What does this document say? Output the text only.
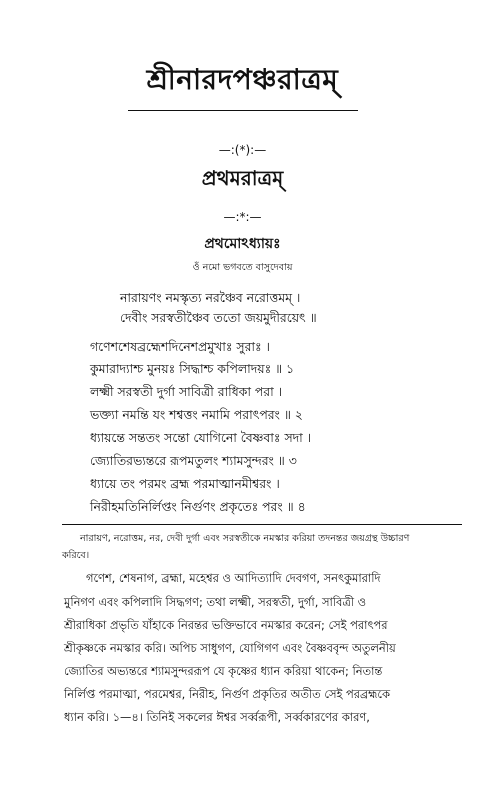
শ্রীনারদপঞ্চরাত্রম্
—:(*):—
প্রথমরাত্রম্
—:*:—
প্রথমোঽধ্যায়ঃ
ওঁ নমো ভগবতে বাসুদেবায়
নারায়ণং নমস্কৃত্য নরঞ্চৈব নরোত্তমম্ ।
দেবীং সরস্বতীঞ্চৈব ততো জয়মুদীরয়েৎ ॥
গণেশশেষব্রহ্মেশদিনেশপ্রমুখাঃ সুরাঃ ।
কুমারাদ্যাশ্চ মুনয়ঃ সিদ্ধাশ্চ কপিলাদয়ঃ ॥ ১
লক্ষ্মী সরস্বতী দুর্গা সাবিত্রী রাধিকা পরা ।
ভক্ত্যা নমন্তি যং শশ্বত্তং নমামি পরাৎপরং ॥ ২
ধ্যায়ন্তে সন্ততং সন্তো যোগিনো বৈষ্ণবাঃ সদা ।
জ্যোতিরভ্যন্তরে রূপমতুলং শ্যামসুন্দরং ॥ ৩
ধ্যায়ে তং পরমং ব্রহ্ম পরমাত্মানমীশ্বরং ।
নিরীহমতিনির্লিপ্তং নির্গুণং প্রকৃতেঃ পরং ॥ ৪
নারায়ণ, নরোত্তম, নর, দেবী দুর্গা এবং সরস্বতীকে নমস্কার করিয়া তদনন্তর জয়গ্রন্থ উচ্চারণ
করিবে।
গণেশ, শেষনাগ, ব্রহ্মা, মহেশ্বর ও আদিত্যাদি দেবগণ, সনৎকুমারাদি
মুনিগণ এবং কপিলাদি সিদ্ধগণ; তথা লক্ষ্মী, সরস্বতী, দুর্গা, সাবিত্রী ও
শ্রীরাধিকা প্রভৃতি যাঁহাকে নিরন্তর ভক্তিভাবে নমস্কার করেন; সেই পরাৎপর
শ্রীকৃষ্ণকে নমস্কার করি। অপিচ সাধুগণ, যোগিগণ এবং বৈষ্ণববৃন্দ অতুলনীয়
জ্যোতির অভ্যন্তরে শ্যামসুন্দররূপ যে কৃষ্ণের ধ্যান করিয়া থাকেন; নিতান্ত
নির্লিপ্ত পরমাত্মা, পরমেশ্বর, নিরীহ, নির্গুণ প্রকৃতির অতীত সেই পরব্রহ্মকে
ধ্যান করি। ১—৪। তিনিই সকলের ঈশ্বর সর্ব্বরূপী, সর্ব্বকারণের কারণ,
